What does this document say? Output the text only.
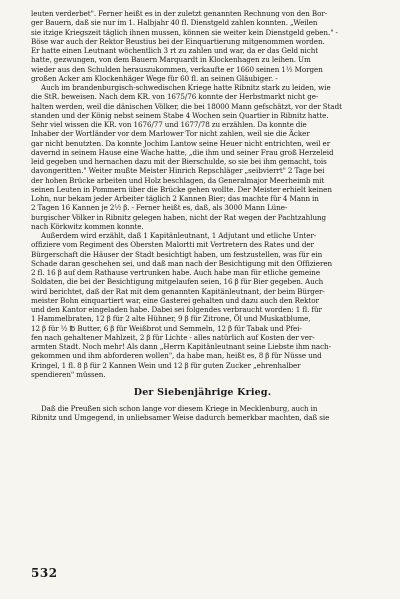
leuten verderbet". Ferner heißt es in der zuletzt genannten Rechnung von den Bor-
ger Bauern, daß sie nur im 1. Halbjahr 40 fl. Dienstgeld zahlen konnten. „Weilen
sie itzige Kriegszeit täglich ihnen mussen, können sie weiter kein Dienstgeld geben." -
Böse war auch der Rektor Beustius bei der Einquartierung mitgenommen worden.
Er hatte einen Leutnant wöchentlich 3 rt zu zahlen und war, da er das Geld nicht
hatte, gezwungen, von dem Bauern Marquardt in Klockenhagen zu leihen. Um
wieder aus den Schulden herauszukommen, verkaufte er 1660 seinen 1½ Morgen
großen Acker am Klockenhäger Wege für 60 fl. an seinen Gläubiger. -

Auch im brandenburgisch-schwedischen Kriege hatte Ribnitz stark zu leiden, wie
die StR. beweisen. Nach dem KR. von 1675/76 konnte der Herbstmarkt nicht ge-
halten werden, weil die dänischen Völker, die bei 18000 Mann gefschätzt, vor der Stadt
standen und der König nebst seinem Stabe 4 Wochen sein Quartier in Ribnitz hatte.
Sehr viel wissen die KR. von 1676/77 und 1677/78 zu erzählen. Da konnte die
Inhaber der Wortländer vor dem Marlower Tor nicht zahlen, weil sie die Äcker
gar nicht benutzten. Da konnte Jochim Lantow seine Heuer nicht entrichten, weil er
davernd in seinem Hause eine Wache hatte, „die ihm und seiner Frau groß Herzeleid
leid gegeben und hernachen dazu mit der Bierschulde, so sie bei ihm gemacht, tois
davongeritten." Weiter mußte Meister Hinrich Repschläger „seibvierrt" 2 Tage bei
der hohen Brücke arbeiten und Holz beschlagen, da Generalmajor Meerheimb mit
seinen Leuten in Pommern über die Brücke gehen wollte. Der Meister erhielt keinen
Lohn, nur bekam jeder Arbeiter täglich 2 Kannen Bier; das machte für 4 Mann in
2 Tagen 16 Kannen je 2½ β. - Ferner heißt es, daß, als 3000 Mann Lüne-
burgischer Völker in Ribnitz gelegen haben, nicht der Rat wegen der Pachtzahlung
nach Körkwitz kommen konnte.

Außerdem wird erzählt, daß 1 Kapitänleutnant, 1 Adjutant und etliche Unter-
offiziere vom Regiment des Obersten Malortti mit Vertretern des Rates und der
Bürgerschaft die Häuser der Stadt besichtigt haben, um festzustellen, was für ein
Schade daran geschehen sei, und daß man nach der Besichtigung mit den Offizieren
2 fl. 16 β auf dem Rathause vertrunken habe. Auch habe man für etliche gemeine
Soldaten, die bei der Besichtigung mitgelaufen seien, 16 β für Bier gegeben. Auch
wird berichtet, daß der Rat mit dem genannten Kapitänleutnant, der beim Bürger-
meister Bohn einquartiert war, eine Gasterei gehalten und dazu auch den Rektor
und den Kantor eingeladen habe. Dabei sei folgendes verbraucht worden: 1 fl. für
1 Hammelbraten, 12 β für 2 alte Hühner, 9 β für Zitrone, Öl und Muskatblume,
12 β für ½ ℔ Butter, 6 β für Weißbrot und Semmeln, 12 β für Tabak und Pfei-
fen nach gehaltener Mahlzeit, 2 β für Lichte - alles natürlich auf Kosten der ver-
armten Stadt. Noch mehr! Als dann „Herrn Kapitänleutnant seine Liebste ihm nach-
gekommen und ihm abforderen wollen", da habe man, heißt es, 8 β für Nüsse und
Kringel, 1 fl. 8 β für 2 Kannen Wein und 12 β für guten Zucker „ehrenhalber
spendieren" müssen.

Der Siebenjährige Krieg.

Daß die Preußen sich schon lange vor diesem Kriege in Mecklenburg, auch in
Ribnitz und Umgegend, in unliebsamer Weise dadurch bemerkbar machten, daß sie

532
